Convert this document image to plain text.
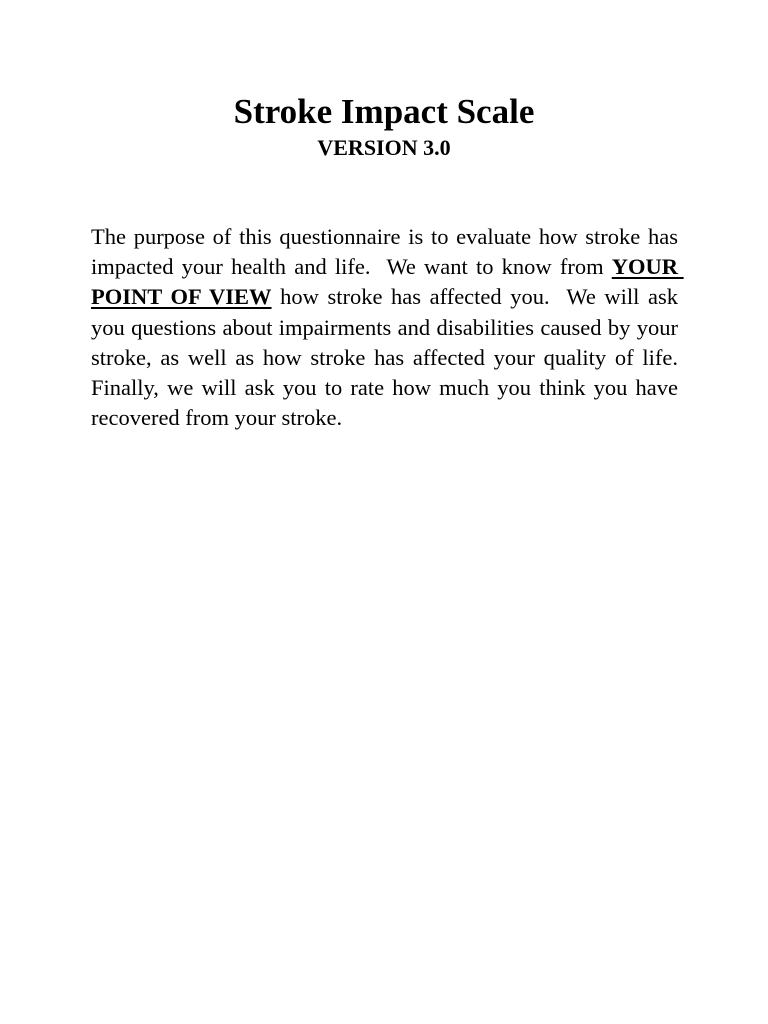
Stroke Impact Scale
VERSION 3.0

The purpose of this questionnaire is to evaluate how stroke has impacted your health and life.  We want to know from YOUR POINT OF VIEW how stroke has affected you.  We will ask you questions about impairments and disabilities caused by your stroke, as well as how stroke has affected your quality of life. Finally, we will ask you to rate how much you think you have recovered from your stroke.
